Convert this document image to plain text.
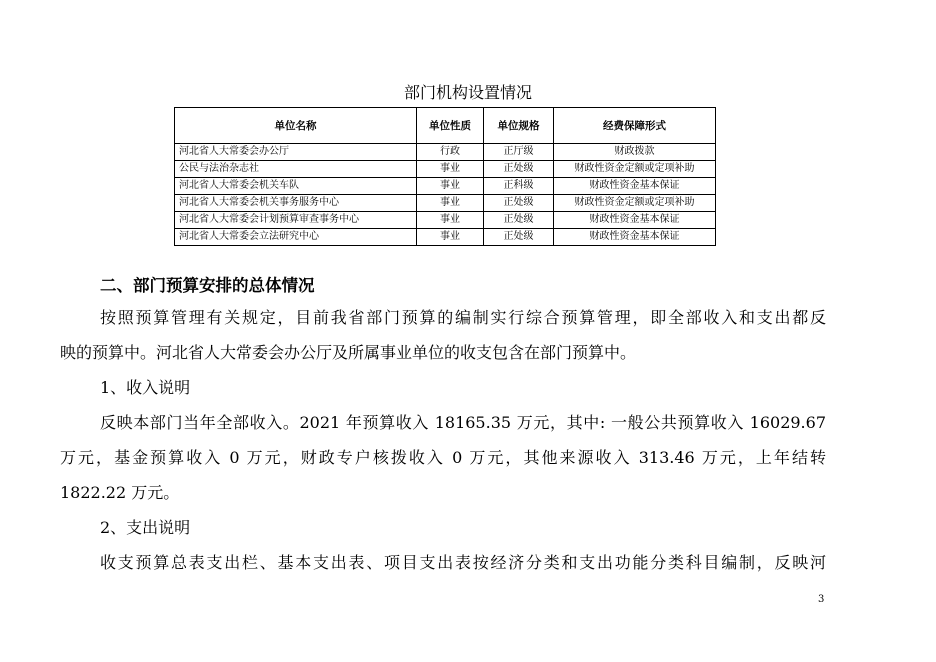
部门机构设置情况
单位名称	单位性质	单位规格	经费保障形式
河北省人大常委会办公厅	行政	正厅级	财政拨款
公民与法治杂志社	事业	正处级	财政性资金定额或定项补助
河北省人大常委会机关车队	事业	正科级	财政性资金基本保证
河北省人大常委会机关事务服务中心	事业	正处级	财政性资金定额或定项补助
河北省人大常委会计划预算审查事务中心	事业	正处级	财政性资金基本保证
河北省人大常委会立法研究中心	事业	正处级	财政性资金基本保证
二、部门预算安排的总体情况
按照预算管理有关规定，目前我省部门预算的编制实行综合预算管理，即全部收入和支出都反
映的预算中。河北省人大常委会办公厅及所属事业单位的收支包含在部门预算中。
1、收入说明
反映本部门当年全部收入。2021 年预算收入 18165.35 万元，其中: 一般公共预算收入 16029.67
万元，基金预算收入 0 万元，财政专户核拨收入 0 万元，其他来源收入 313.46 万元，上年结转
1822.22 万元。
2、支出说明
收支预算总表支出栏、基本支出表、项目支出表按经济分类和支出功能分类科目编制，反映河
3
